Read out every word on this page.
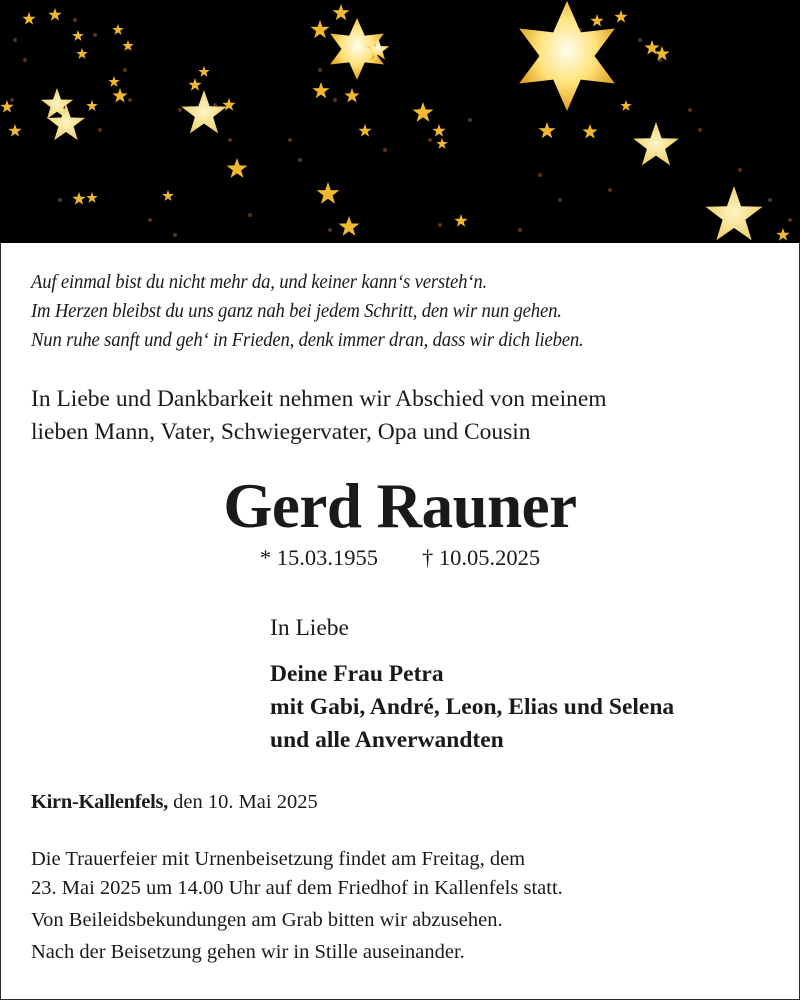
Auf einmal bist du nicht mehr da, und keiner kann‘s versteh‘n.
Im Herzen bleibst du uns ganz nah bei jedem Schritt, den wir nun gehen.
Nun ruhe sanft und geh‘ in Frieden, denk immer dran, dass wir dich lieben.
In Liebe und Dankbarkeit nehmen wir Abschied von meinem
lieben Mann, Vater, Schwiegervater, Opa und Cousin
Gerd Rauner
* 15.03.1955 † 10.05.2025
In Liebe
Deine Frau Petra
mit Gabi, André, Leon, Elias und Selena
und alle Anverwandten
Kirn-Kallenfels, den 10. Mai 2025
Die Trauerfeier mit Urnenbeisetzung findet am Freitag, dem
23. Mai 2025 um 14.00 Uhr auf dem Friedhof in Kallenfels statt.
Von Beileidsbekundungen am Grab bitten wir abzusehen.
Nach der Beisetzung gehen wir in Stille auseinander.
